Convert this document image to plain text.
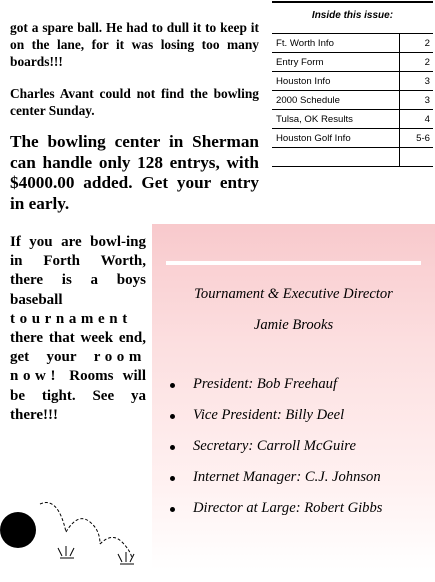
got a spare ball. He had to dull it to keep it on the lane, for it was losing too many boards!!!

Charles Avant could not find the bowling center Sunday.

The bowling center in Sherman can handle only 128 entrys, with $4000.00 added. Get your entry in early.

If you are bowl-ing in Forth Worth, there is a boys baseball tournament there that week end, get your room now! Rooms will be tight. See ya there!!!

Inside this issue:
Ft. Worth Info	2
Entry Form	2
Houston Info	3
2000 Schedule	3
Tulsa, OK Results	4
Houston Golf Info	5-6

Tournament & Executive Director
Jamie Brooks
President: Bob Freehauf
Vice President: Billy Deel
Secretary: Carroll McGuire
Internet Manager: C.J. Johnson
Director at Large: Robert Gibbs
